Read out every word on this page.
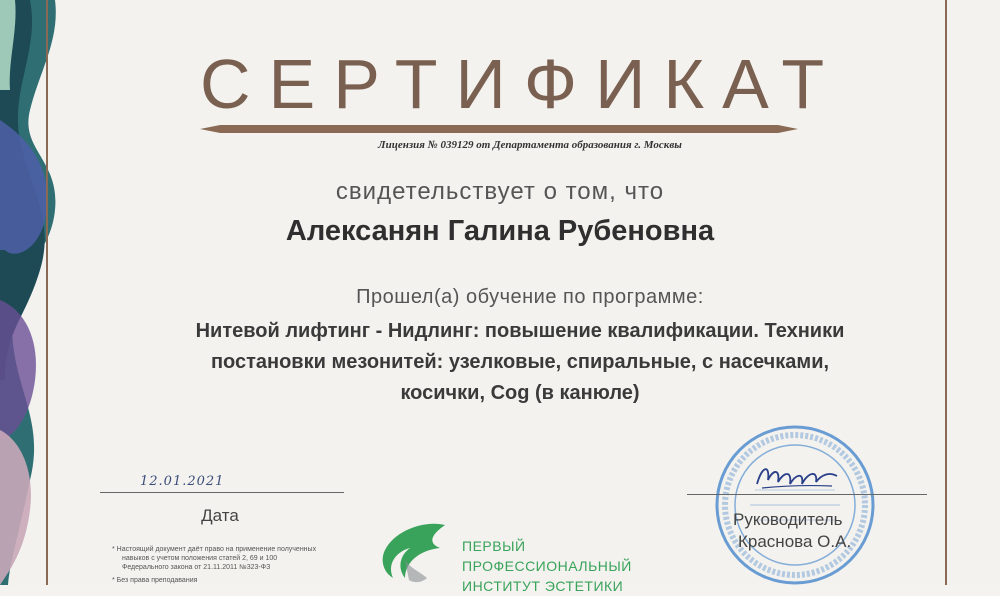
СЕРТИФИКАТ
Лицензия № 039129 от Департамента образования г. Москвы
свидетельствует о том, что
Алексанян Галина Рубеновна
Прошел(а) обучение по программе:
Нитевой лифтинг - Нидлинг: повышение квалификации. Техники
постановки мезонитей: узелковые, спиральные, с насечками,
косички, Cog (в канюле)
12.01.2021
Дата
* Настоящий документ даёт право на применение полученных
навыков с учетом положения статей 2, 69 и 100
Федерального закона от 21.11.2011 №323-ФЗ
* Без права преподавания
Руководитель
Краснова О.А.
ПЕРВЫЙ
ПРОФЕССИОНАЛЬНЫЙ
ИНСТИТУТ ЭСТЕТИКИ
